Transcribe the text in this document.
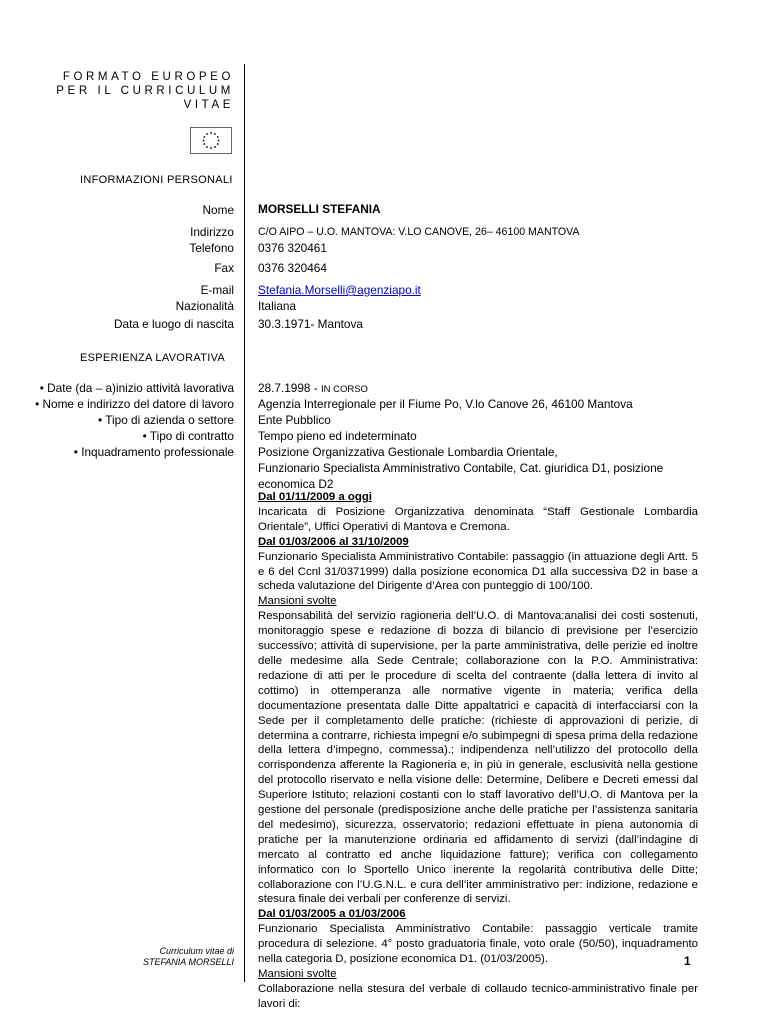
FORMATO EUROPEO
PER IL CURRICULUM
VITAE
INFORMAZIONI PERSONALI
Nome MORSELLI STEFANIA
Indirizzo C/O AIPO – U.O. MANTOVA: V.LO CANOVE, 26– 46100 MANTOVA
Telefono 0376 320461
Fax 0376 320464
E-mail Stefania.Morselli@agenziapo.it
Nazionalità Italiana
Data e luogo di nascita 30.3.1971- Mantova
ESPERIENZA LAVORATIVA
• Date (da – a)inizio attività lavorativa
• Nome e indirizzo del datore di lavoro
• Tipo di azienda o settore
• Tipo di contratto
• Inquadramento professionale
28.7.1998 - IN CORSO
Agenzia Interregionale per il Fiume Po, V.lo Canove 26, 46100 Mantova
Ente Pubblico
Tempo pieno ed indeterminato
Posizione Organizzativa Gestionale Lombardia Orientale,
Funzionario Specialista Amministrativo Contabile, Cat. giuridica D1, posizione economica D2

Dal 01/11/2009 a oggi

Incaricata di Posizione Organizzativa denominata “Staff Gestionale Lombardia Orientale”, Uffici Operativi di Mantova e Cremona.

Dal 01/03/2006 al 31/10/2009

Funzionario Specialista Amministrativo Contabile: passaggio (in attuazione degli Artt. 5 e 6 del Ccnl 31/0371999) dalla posizione economica D1 alla successiva D2 in base a scheda valutazione del Dirigente d’Area con punteggio di 100/100.

Mansioni svolte

Responsabilità del servizio ragioneria dell’U.O. di Mantova:analisi dei costi sostenuti, monitoraggio spese e redazione di bozza di bilancio di previsione per l’esercizio successivo; attività di supervisione, per la parte amministrativa, delle perizie ed inoltre delle medesime alla Sede Centrale; collaborazione con la P.O. Amministrativa: redazione di atti per le procedure di scelta del contraente (dalla lettera di invito al cottimo) in ottemperanza alle normative vigente in materia; verifica della documentazione presentata dalle Ditte appaltatrici e capacità di interfacciarsi con la Sede per il completamento delle pratiche: (richieste di approvazioni di perizie, di determina a contrarre, richiesta impegni e/o subimpegni di spesa prima della redazione della lettera d’impegno, commessa).; indipendenza nell’utilizzo del protocollo della corrispondenza afferente la Ragioneria e, in più in generale, esclusività nella gestione del protocollo riservato e nella visione delle: Determine, Delibere e Decreti emessi dal Superiore Istituto; relazioni costanti con lo staff lavorativo dell’U.O. di Mantova per la gestione del personale (predisposizione anche delle pratiche per l’assistenza sanitaria del medesimo), sicurezza, osservatorio; redazioni effettuate in piena autonomia di pratiche per la manutenzione ordinaria ed affidamento di servizi (dall’indagine di mercato al contratto ed anche liquidazione fatture); verifica con collegamento informatico con lo Sportello Unico inerente la regolarità contributiva delle Ditte; collaborazione con l’U.G.N.L. e cura dell’iter amministrativo per: indizione, redazione e stesura finale dei verbali per conferenze di servizi.

Dal 01/03/2005 a 01/03/2006

Funzionario Specialista Amministrativo Contabile: passaggio verticale tramite procedura di selezione. 4° posto graduatoria finale, voto orale (50/50), inquadramento nella categoria D, posizione economica D1. (01/03/2005).

Mansioni svolte

Collaborazione nella stesura del verbale di collaudo tecnico-amministrativo finale per lavori di:

Curriculum vitae di
STEFANIA MORSELLI	1
